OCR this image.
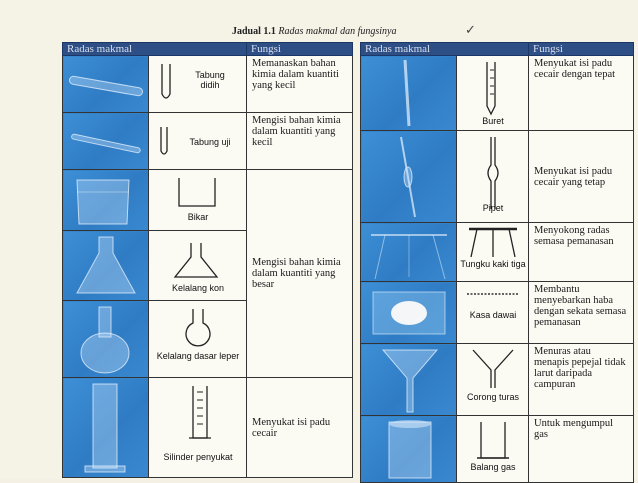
Jadual 1.1 Radas makmal dan fungsinya	✓
Radas makmal		Fungsi

Tabung didih	Memanaskan bahan kimia dalam kuantiti yang kecil

Tabung uji	Mengisi bahan kimia dalam kuantiti yang kecil

Bikar	Mengisi bahan kimia dalam kuantiti yang besar

Kelalang kon	

Kelalang dasar leper	

Silinder penyukat	Menyukat isi padu cecair
Radas makmal		Fungsi

Buret	Menyukat isi padu cecair dengan tepat

Pipet	Menyukat isi padu cecair yang tetap

Tungku kaki tiga	Menyokong radas semasa pemanasan

Kasa dawai	Membantu menyebarkan haba dengan sekata semasa pemanasan

Corong turas	Menuras atau menapis pepejal tidak larut daripada campuran

Balang gas	Untuk mengumpul gas
